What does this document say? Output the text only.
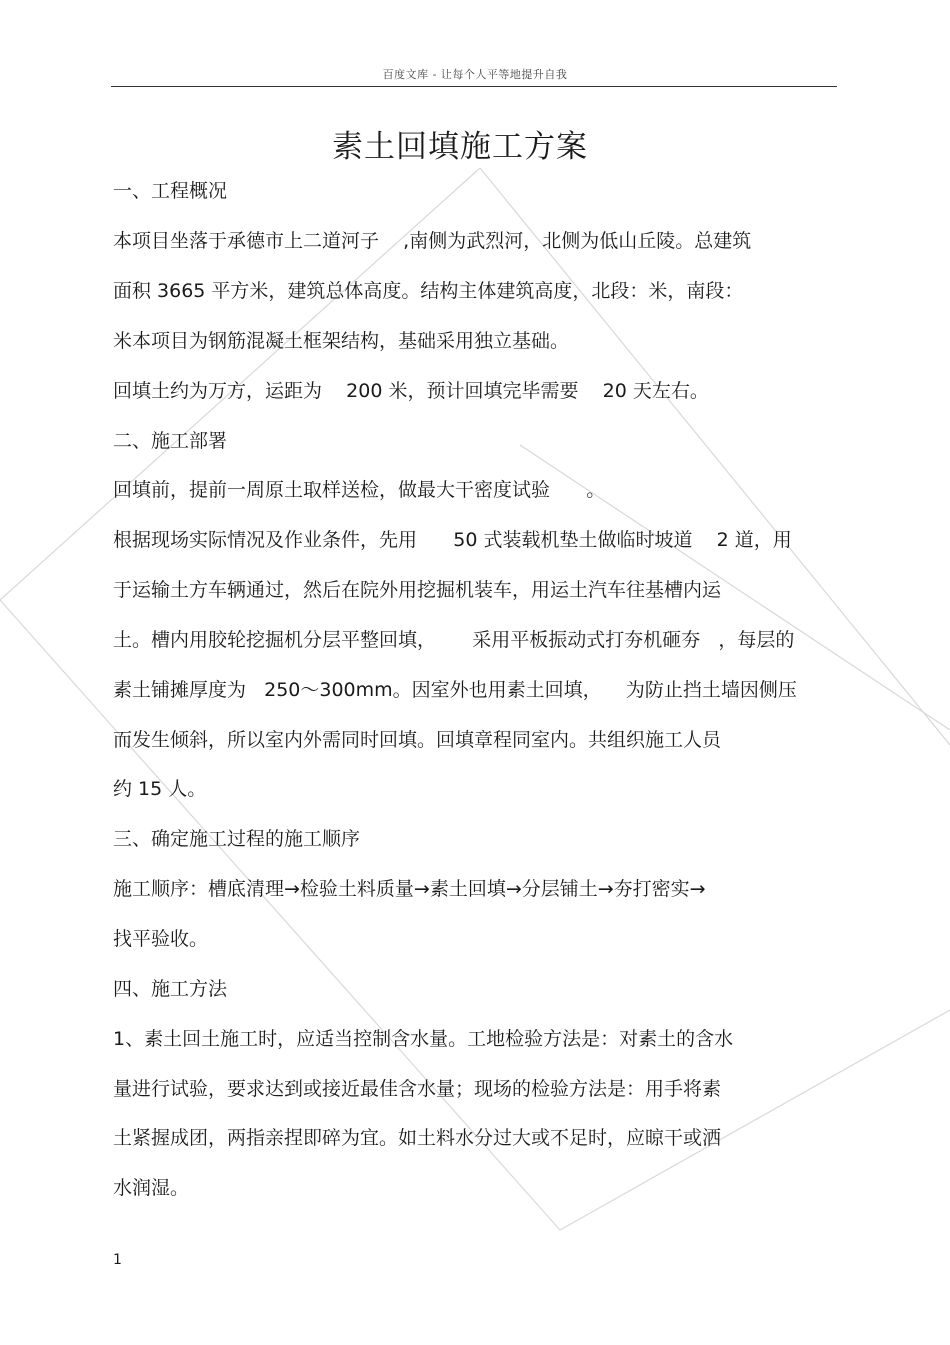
百度文库 - 让每个人平等地提升自我
素土回填施工方案
一、工程概况
本项目坐落于承德市上二道河子    ,南侧为武烈河，北侧为低山丘陵。总建筑
面积 3665 平方米，建筑总体高度。结构主体建筑高度，北段：米，南段：
米本项目为钢筋混凝土框架结构，基础采用独立基础。
回填土约为万方，运距为    200 米，预计回填完毕需要    20 天左右。
二、施工部署
回填前，提前一周原土取样送检，做最大干密度试验      。
根据现场实际情况及作业条件，先用      50 式装载机垫土做临时坡道    2 道，用
于运输土方车辆通过，然后在院外用挖掘机装车，用运土汽车往基槽内运
土。槽内用胶轮挖掘机分层平整回填，      采用平板振动式打夯机砸夯   ，每层的
素土铺摊厚度为   250～300mm。因室外也用素土回填，    为防止挡土墙因侧压
而发生倾斜，所以室内外需同时回填。回填章程同室内。共组织施工人员
约 15 人。
三、确定施工过程的施工顺序
施工顺序：槽底清理→检验土料质量→素土回填→分层铺土→夯打密实→
找平验收。
四、施工方法
1、素土回土施工时，应适当控制含水量。工地检验方法是：对素土的含水
量进行试验，要求达到或接近最佳含水量；现场的检验方法是：用手将素
土紧握成团，两指亲捏即碎为宜。如土料水分过大或不足时，应晾干或洒
水润湿。
1
